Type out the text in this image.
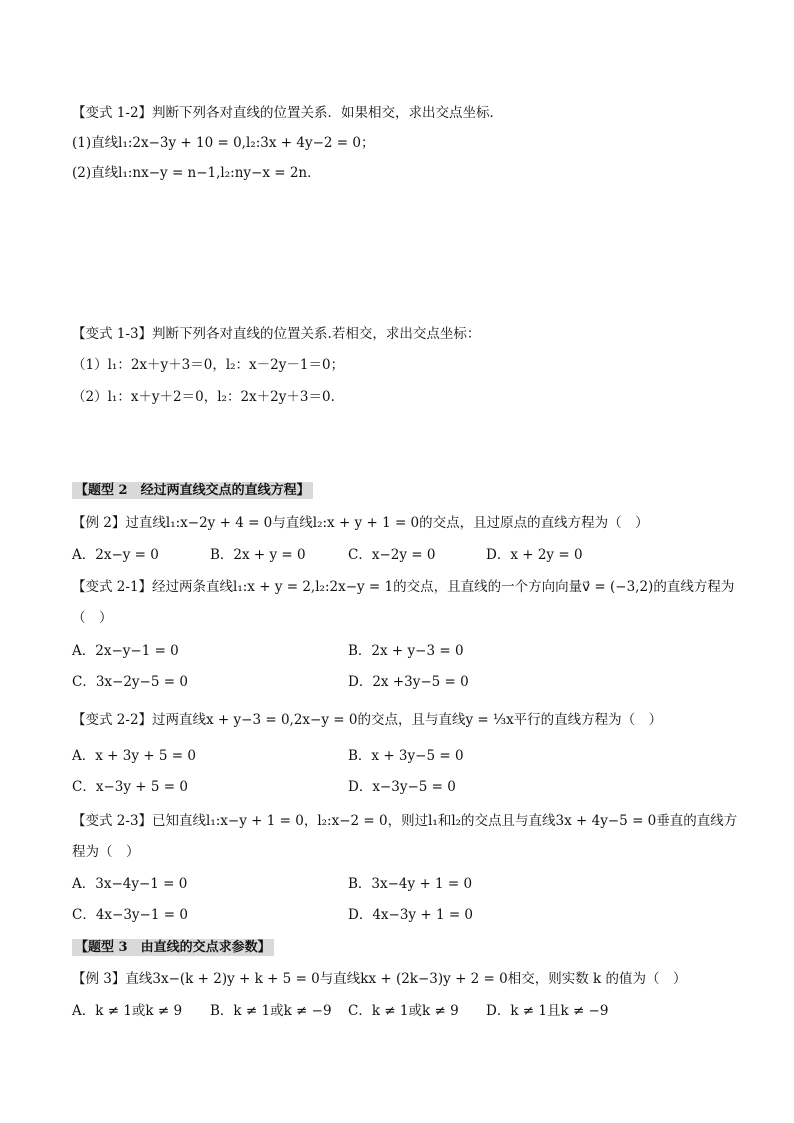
【变式 1-2】判断下列各对直线的位置关系．如果相交，求出交点坐标．
(1)直线l₁:2x−3y + 10 = 0,l₂:3x + 4y−2 = 0；
(2)直线l₁:nx−y = n−1,l₂:ny−x = 2n．
【变式 1-3】判断下列各对直线的位置关系.若相交，求出交点坐标：
（1）l₁：2x＋y＋3＝0，l₂：x－2y－1＝0；
（2）l₁：x＋y＋2＝0，l₂：2x＋2y＋3＝0.
【题型 2　经过两直线交点的直线方程】
【例 2】过直线l₁:x−2y + 4 = 0与直线l₂:x + y + 1 = 0的交点，且过原点的直线方程为（　）
A．2x−y = 0	B．2x + y = 0	C．x−2y = 0	D．x + 2y = 0
【变式 2-1】经过两条直线l₁:x + y = 2,l₂:2x−y = 1的交点，且直线的一个方向向量v⃗ = (−3,2)的直线方程为
（　）
A．2x−y−1 = 0	B．2x + y−3 = 0
C．3x−2y−5 = 0	D．2x +3y−5 = 0
【变式 2-2】过两直线x + y−3 = 0,2x−y = 0的交点，且与直线y = ⅓x平行的直线方程为（　）
A．x + 3y + 5 = 0	B．x + 3y−5 = 0
C．x−3y + 5 = 0	D．x−3y−5 = 0
【变式 2-3】已知直线l₁:x−y + 1 = 0，l₂:x−2 = 0，则过l₁和l₂的交点且与直线3x + 4y−5 = 0垂直的直线方
程为（　）
A．3x−4y−1 = 0	B．3x−4y + 1 = 0
C．4x−3y−1 = 0	D．4x−3y + 1 = 0
【题型 3　由直线的交点求参数】
【例 3】直线3x−(k + 2)y + k + 5 = 0与直线kx + (2k−3)y + 2 = 0相交，则实数 k 的值为（　）
A．k ≠ 1或k ≠ 9 B．k ≠ 1或k ≠ −9 C．k ≠ 1或k ≠ 9 D．k ≠ 1且k ≠ −9
